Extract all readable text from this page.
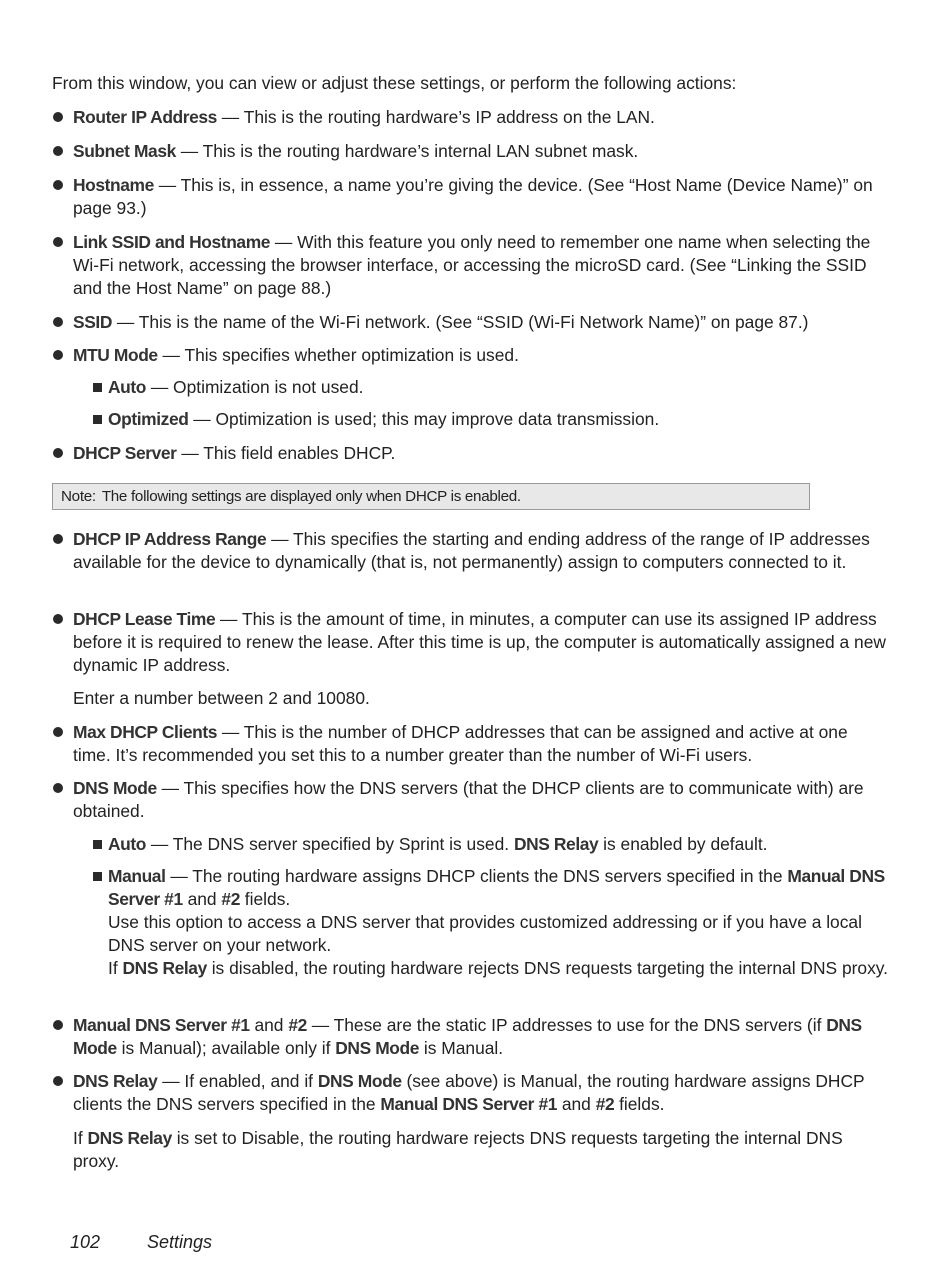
From this window, you can view or adjust these settings, or perform the following actions:

Router IP Address — This is the routing hardware’s IP address on the LAN.

Subnet Mask — This is the routing hardware’s internal LAN subnet mask.

Hostname — This is, in essence, a name you’re giving the device. (See “Host Name (Device Name)” on page 93.)

Link SSID and Hostname — With this feature you only need to remember one name when selecting the Wi-Fi network, accessing the browser interface, or accessing the microSD card. (See “Linking the SSID and the Host Name” on page 88.)

SSID — This is the name of the Wi-Fi network. (See “SSID (Wi-Fi Network Name)” on page 87.)

MTU Mode — This specifies whether optimization is used.

Auto — Optimization is not used.

Optimized — Optimization is used; this may improve data transmission.

DHCP Server — This field enables DHCP.

Note: The following settings are displayed only when DHCP is enabled.

DHCP IP Address Range — This specifies the starting and ending address of the range of IP addresses available for the device to dynamically (that is, not permanently) assign to computers connected to it.

DHCP Lease Time — This is the amount of time, in minutes, a computer can use its assigned IP address before it is required to renew the lease. After this time is up, the computer is automatically assigned a new dynamic IP address.

Enter a number between 2 and 10080.

Max DHCP Clients — This is the number of DHCP addresses that can be assigned and active at one time. It’s recommended you set this to a number greater than the number of Wi-Fi users.

DNS Mode — This specifies how the DNS servers (that the DHCP clients are to communicate with) are obtained.

Auto — The DNS server specified by Sprint is used. DNS Relay is enabled by default.

Manual — The routing hardware assigns DHCP clients the DNS servers specified in the Manual DNS Server #1 and #2 fields.
Use this option to access a DNS server that provides customized addressing or if you have a local DNS server on your network.
If DNS Relay is disabled, the routing hardware rejects DNS requests targeting the internal DNS proxy.

Manual DNS Server #1 and #2 — These are the static IP addresses to use for the DNS servers (if DNS Mode is Manual); available only if DNS Mode is Manual.

DNS Relay — If enabled, and if DNS Mode (see above) is Manual, the routing hardware assigns DHCP clients the DNS servers specified in the Manual DNS Server #1 and #2 fields.

If DNS Relay is set to Disable, the routing hardware rejects DNS requests targeting the internal DNS proxy.

102	Settings
